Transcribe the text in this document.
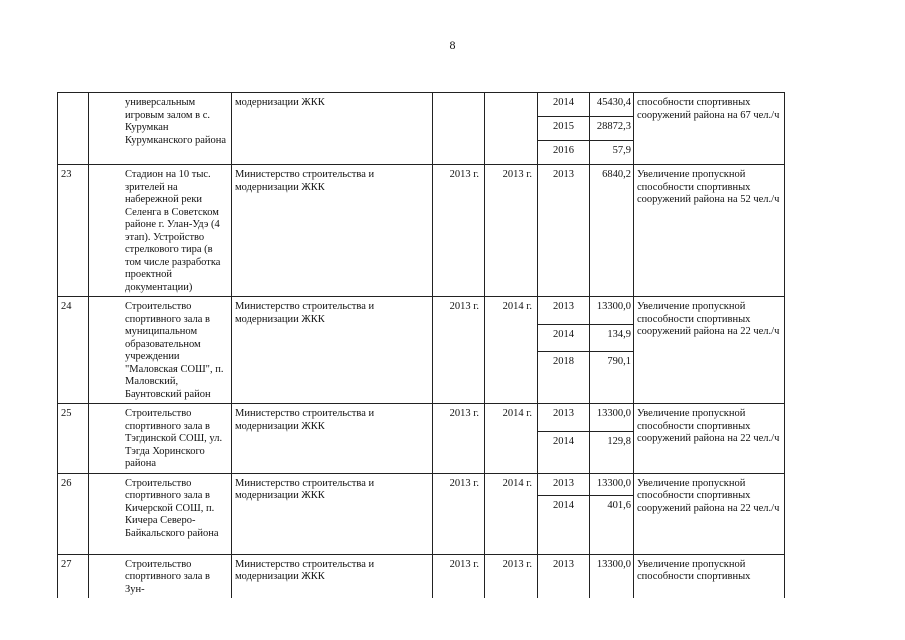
8
	универсальным игровым залом в с. Курумкан Курумканского района	модернизации ЖКК			2014	45430,4	способности спортивных сооружений района на 67 чел./ч
					2015	28872,3	
					2016	57,9	
23	Стадион на 10 тыс. зрителей на набережной реки Селенга в Советском районе г. Улан-Удэ (4 этап). Устройство стрелкового тира (в том числе разработка проектной документации)	Министерство строительства и модернизации ЖКК	2013 г.	2013 г.	2013	6840,2	Увеличение пропускной способности спортивных сооружений района на 52 чел./ч
24	Строительство спортивного зала в муниципальном образовательном учреждении "Маловская СОШ", п. Маловский, Баунтовский район	Министерство строительства и модернизации ЖКК	2013 г.	2014 г.	2013	13300,0	Увеличение пропускной способности спортивных сооружений района на 22 чел./ч
					2014	134,9	
					2018	790,1	
25	Строительство спортивного зала в Тэгдинской СОШ, ул. Тэгда Хоринского района	Министерство строительства и модернизации ЖКК	2013 г.	2014 г.	2013	13300,0	Увеличение пропускной способности спортивных сооружений района на 22 чел./ч
					2014	129,8	
26	Строительство спортивного зала в Кичерской СОШ, п. Кичера Северо-Байкальского района	Министерство строительства и модернизации ЖКК	2013 г.	2014 г.	2013	13300,0	Увеличение пропускной способности спортивных сооружений района на 22 чел./ч
					2014	401,6	
27	Строительство спортивного зала в Зун-	Министерство строительства и модернизации ЖКК	2013 г.	2013 г.	2013	13300,0	Увеличение пропускной способности спортивных
